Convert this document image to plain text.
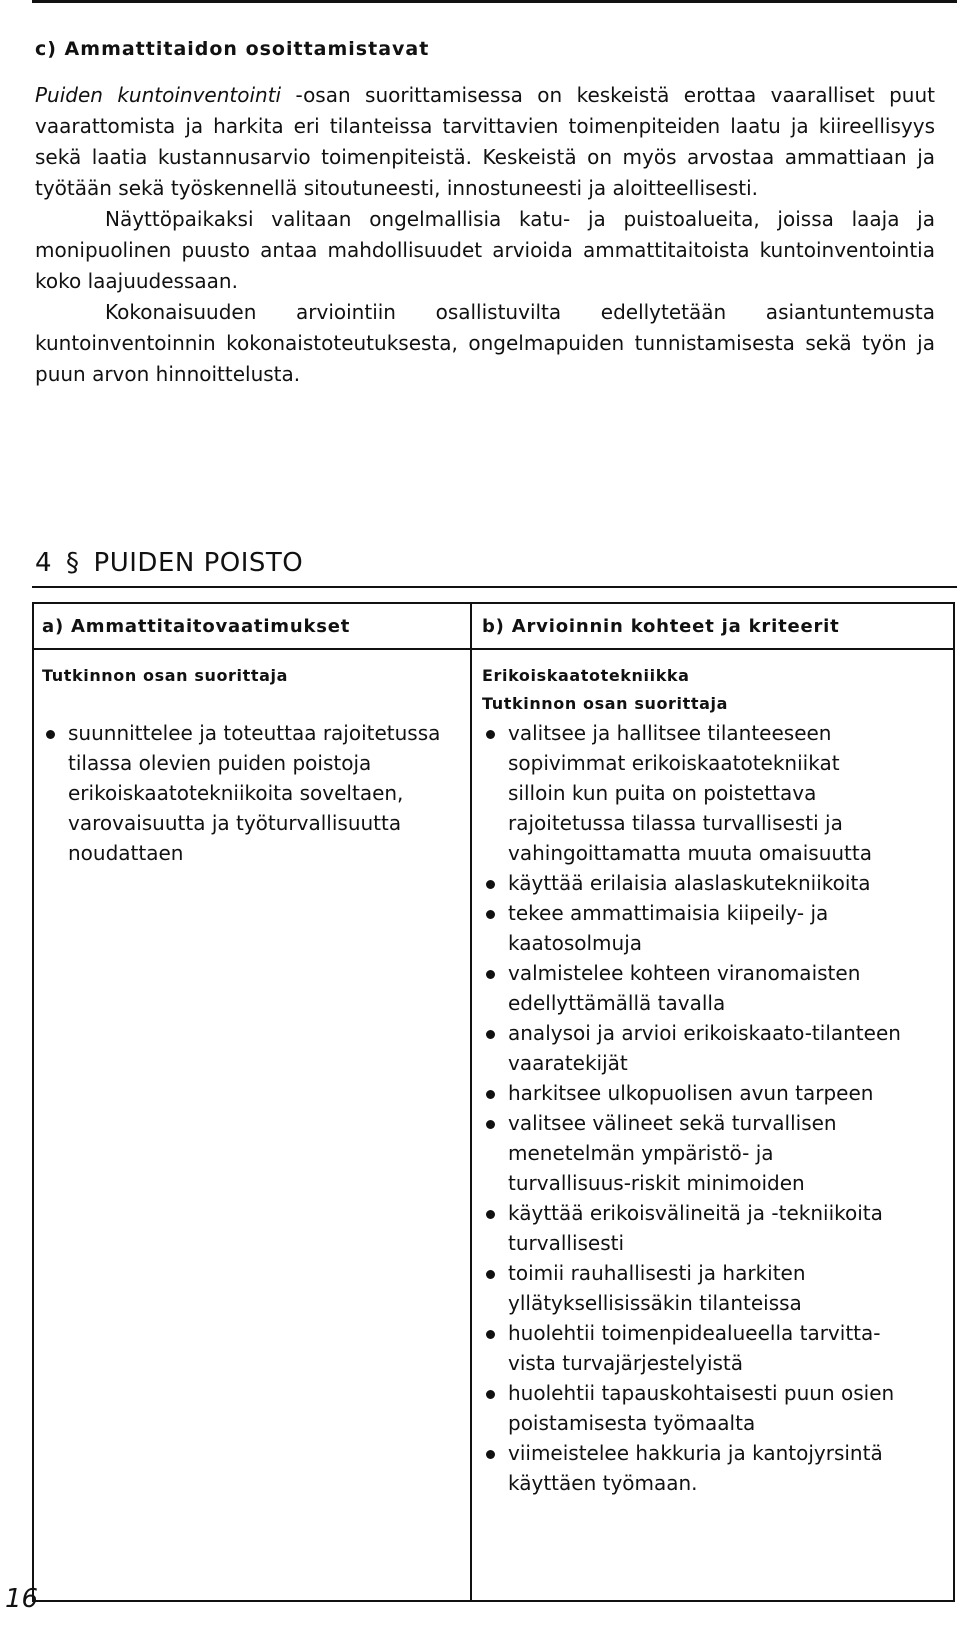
c) Ammattitaidon osoittamistavat

Puiden kuntoinventointi -osan suorittamisessa on keskeistä erottaa vaaralliset puut vaarattomista ja harkita eri tilanteissa tarvittavien toimenpiteiden laatu ja kiireellisyys sekä laatia kustannusarvio toimenpiteistä. Keskeistä on myös arvostaa ammattiaan ja työtään sekä työskennellä sitoutuneesti, innostuneesti ja aloitteellisesti.

Näyttöpaikaksi valitaan ongelmallisia katu- ja puistoalueita, joissa laaja ja monipuolinen puusto antaa mahdollisuudet arvioida ammattitaitoista kuntoinventointia koko laajuudessaan.

Kokonaisuuden arviointiin osallistuvilta edellytetään asiantuntemusta kuntoinventoinnin kokonaistoteutuksesta, ongelmapuiden tunnistamisesta sekä työn ja puun arvon hinnoittelusta.

4 § PUIDEN POISTO
a) Ammattitaitovaatimukset	b) Arvioinnin kohteet ja kriteerit

Tutkinnon osan suorittaja

suunnittelee ja toteuttaa rajoitetussa tilassa olevien puiden poistoja erikoiskaatotekniikoita soveltaen, varovaisuutta ja työturvallisuutta noudattaen

Erikoiskaatotekniikka

Tutkinnon osan suorittaja

valitsee ja hallitsee tilanteeseen sopivimmat erikoiskaatotekniikat silloin kun puita on poistettava rajoitetussa tilassa turvallisesti ja vahingoittamatta muuta omaisuutta
käyttää erilaisia alaslaskutekniikoita
tekee ammattimaisia kiipeily- ja kaatosolmuja
valmistelee kohteen viranomaisten edellyttämällä tavalla
analysoi ja arvioi erikoiskaato-tilanteen vaaratekijät
harkitsee ulkopuolisen avun tarpeen
valitsee välineet sekä turvallisen menetelmän ympäristö- ja turvallisuus-riskit minimoiden
käyttää erikoisvälineitä ja -tekniikoita turvallisesti
toimii rauhallisesti ja harkiten yllätyksellisissäkin tilanteissa
huolehtii toimenpidealueella tarvitta-vista turvajärjestelyistä
huolehtii tapauskohtaisesti puun osien poistamisesta työmaalta
viimeistelee hakkuria ja kantojyrsintä käyttäen työmaan.

16
